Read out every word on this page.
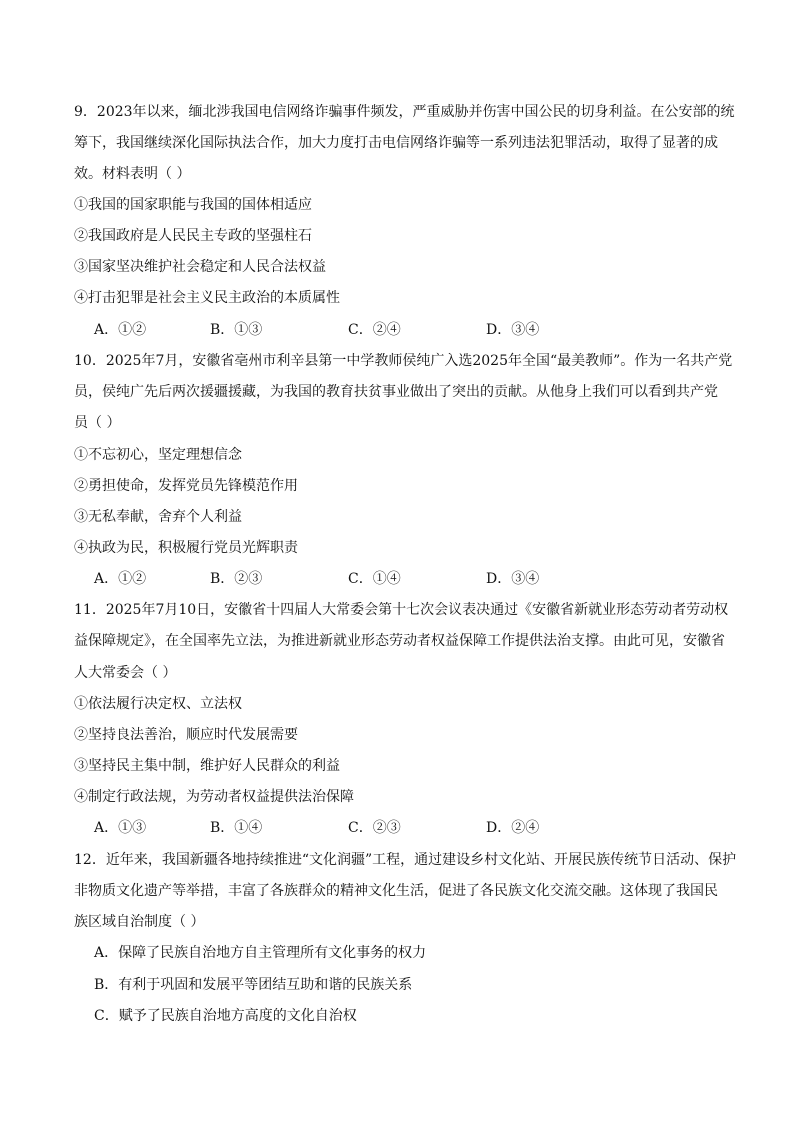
9．2023年以来，缅北涉我国电信网络诈骗事件频发，严重威胁并伤害中国公民的切身利益。在公安部的统
筹下，我国继续深化国际执法合作，加大力度打击电信网络诈骗等一系列违法犯罪活动，取得了显著的成
效。材料表明（ ）
①我国的国家职能与我国的国体相适应
②我国政府是人民民主专政的坚强柱石
③国家坚决维护社会稳定和人民合法权益
④打击犯罪是社会主义民主政治的本质属性
A．①②	B．①③	C．②④	D．③④
10．2025年7月，安徽省亳州市利辛县第一中学教师侯纯广入选2025年全国“最美教师”。作为一名共产党
员，侯纯广先后两次援疆援藏，为我国的教育扶贫事业做出了突出的贡献。从他身上我们可以看到共产党
员（ ）
①不忘初心，坚定理想信念
②勇担使命，发挥党员先锋模范作用
③无私奉献，舍弃个人利益
④执政为民，积极履行党员光辉职责
A．①②	B．②③	C．①④	D．③④
11．2025年7月10日，安徽省十四届人大常委会第十七次会议表决通过《安徽省新就业形态劳动者劳动权
益保障规定》，在全国率先立法，为推进新就业形态劳动者权益保障工作提供法治支撑。由此可见，安徽省
人大常委会（ ）
①依法履行决定权、立法权
②坚持良法善治，顺应时代发展需要
③坚持民主集中制，维护好人民群众的利益
④制定行政法规，为劳动者权益提供法治保障
A．①③	B．①④	C．②③	D．②④
12．近年来，我国新疆各地持续推进“文化润疆”工程，通过建设乡村文化站、开展民族传统节日活动、保护
非物质文化遗产等举措，丰富了各族群众的精神文化生活，促进了各民族文化交流交融。这体现了我国民
族区域自治制度（ ）
A．保障了民族自治地方自主管理所有文化事务的权力
B．有利于巩固和发展平等团结互助和谐的民族关系
C．赋予了民族自治地方高度的文化自治权
